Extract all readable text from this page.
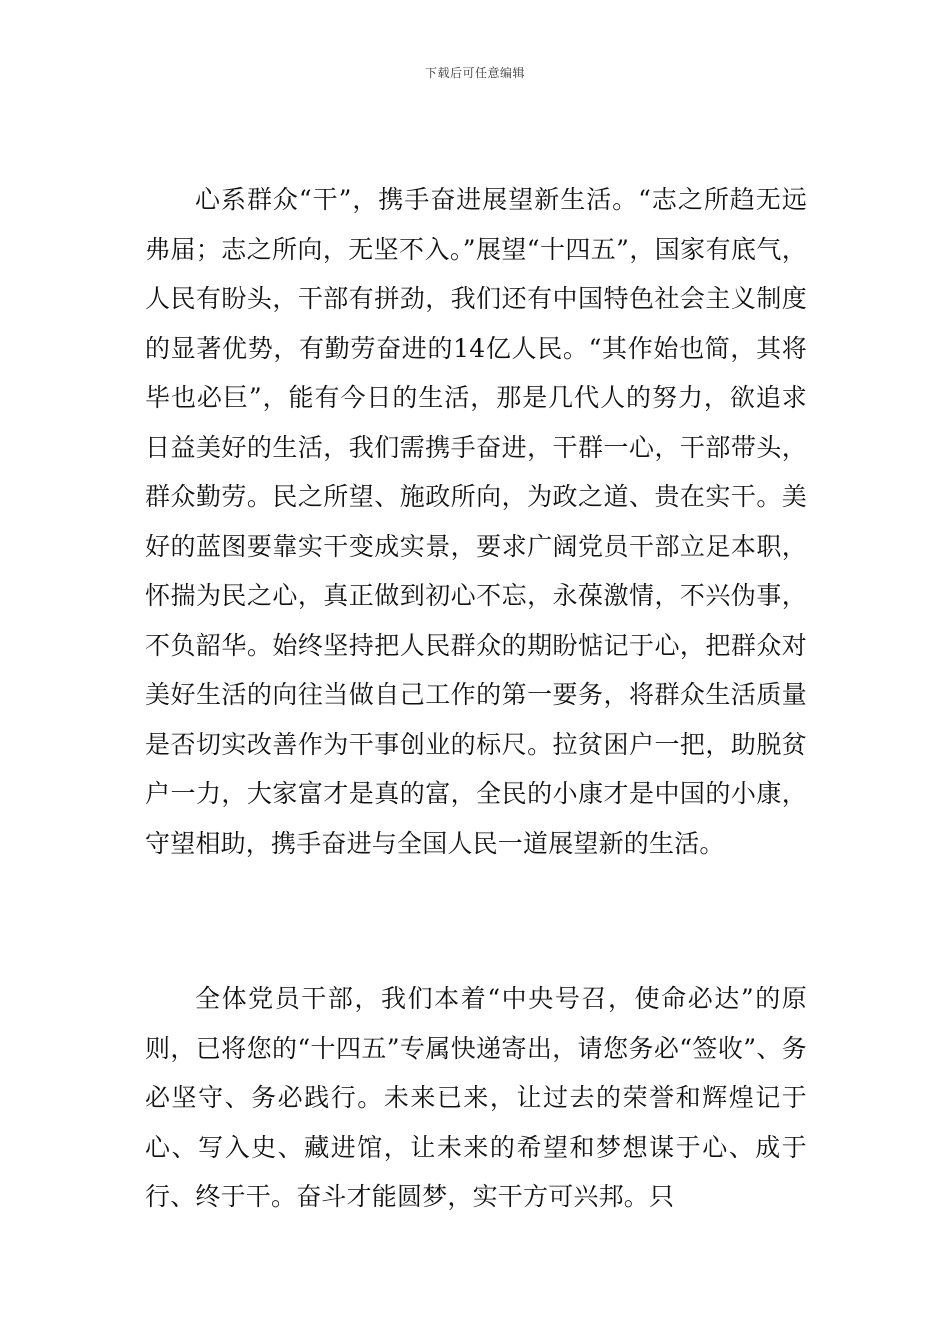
下载后可任意编辑

心系群众“干”，携手奋进展望新生活。“志之所趋无远弗届；志之所向，无坚不入。”展望“十四五”，国家有底气，人民有盼头，干部有拼劲，我们还有中国特色社会主义制度的显著优势，有勤劳奋进的14亿人民。“其作始也简，其将毕也必巨”，能有今日的生活，那是几代人的努力，欲追求日益美好的生活，我们需携手奋进，干群一心，干部带头，群众勤劳。民之所望、施政所向，为政之道、贵在实干。美好的蓝图要靠实干变成实景，要求广阔党员干部立足本职，怀揣为民之心，真正做到初心不忘，永葆激情，不兴伪事，不负韶华。始终坚持把人民群众的期盼惦记于心，把群众对美好生活的向往当做自己工作的第一要务，将群众生活质量是否切实改善作为干事创业的标尺。拉贫困户一把，助脱贫户一力，大家富才是真的富，全民的小康才是中国的小康，守望相助，携手奋进与全国人民一道展望新的生活。

全体党员干部，我们本着“中央号召，使命必达”的原则，已将您的“十四五”专属快递寄出，请您务必“签收”、务必坚守、务必践行。未来已来，让过去的荣誉和辉煌记于心、写入史、藏进馆，让未来的希望和梦想谋于心、成于行、终于干。奋斗才能圆梦，实干方可兴邦。只
